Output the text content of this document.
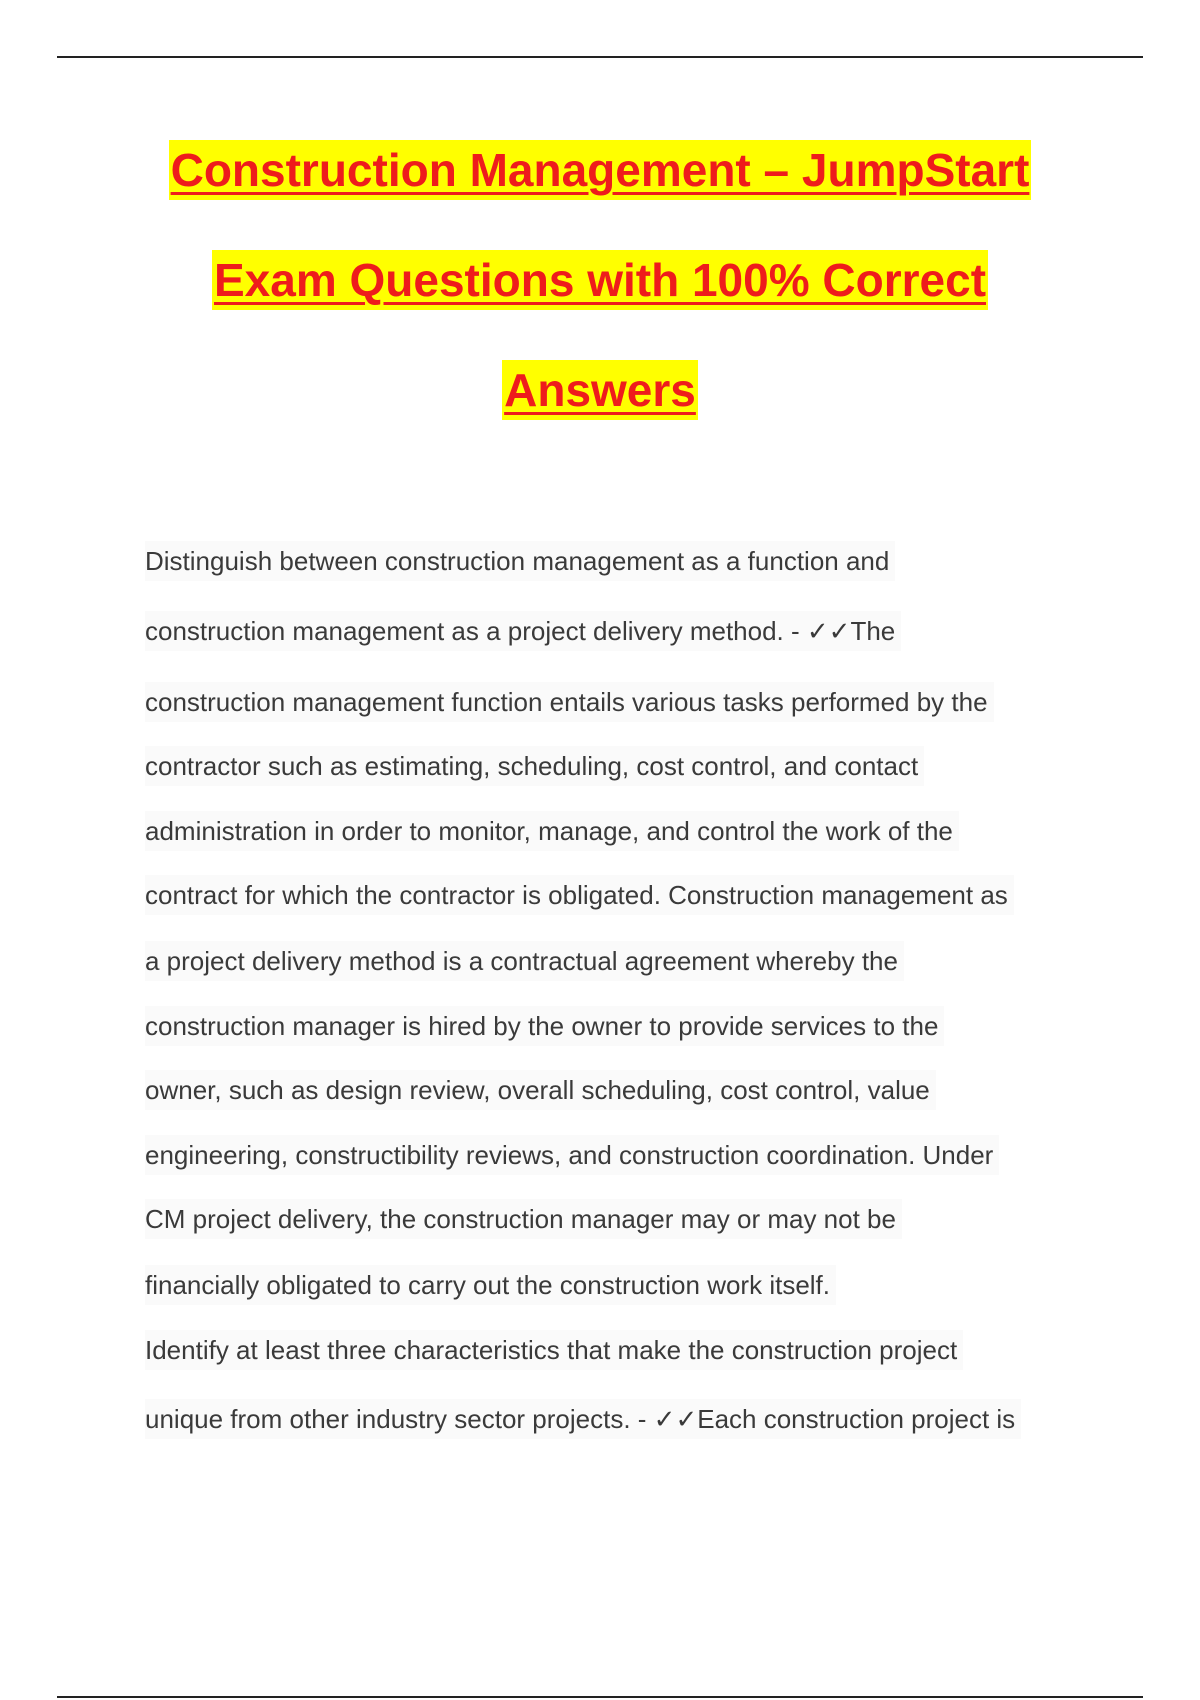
Construction Management – JumpStart
Exam Questions with 100% Correct
Answers
Distinguish between construction management as a function and
construction management as a project delivery method. - ✓✓The
construction management function entails various tasks performed by the
contractor such as estimating, scheduling, cost control, and contact
administration in order to monitor, manage, and control the work of the
contract for which the contractor is obligated. Construction management as
a project delivery method is a contractual agreement whereby the
construction manager is hired by the owner to provide services to the
owner, such as design review, overall scheduling, cost control, value
engineering, constructibility reviews, and construction coordination. Under
CM project delivery, the construction manager may or may not be
financially obligated to carry out the construction work itself.
Identify at least three characteristics that make the construction project
unique from other industry sector projects. - ✓✓Each construction project is
